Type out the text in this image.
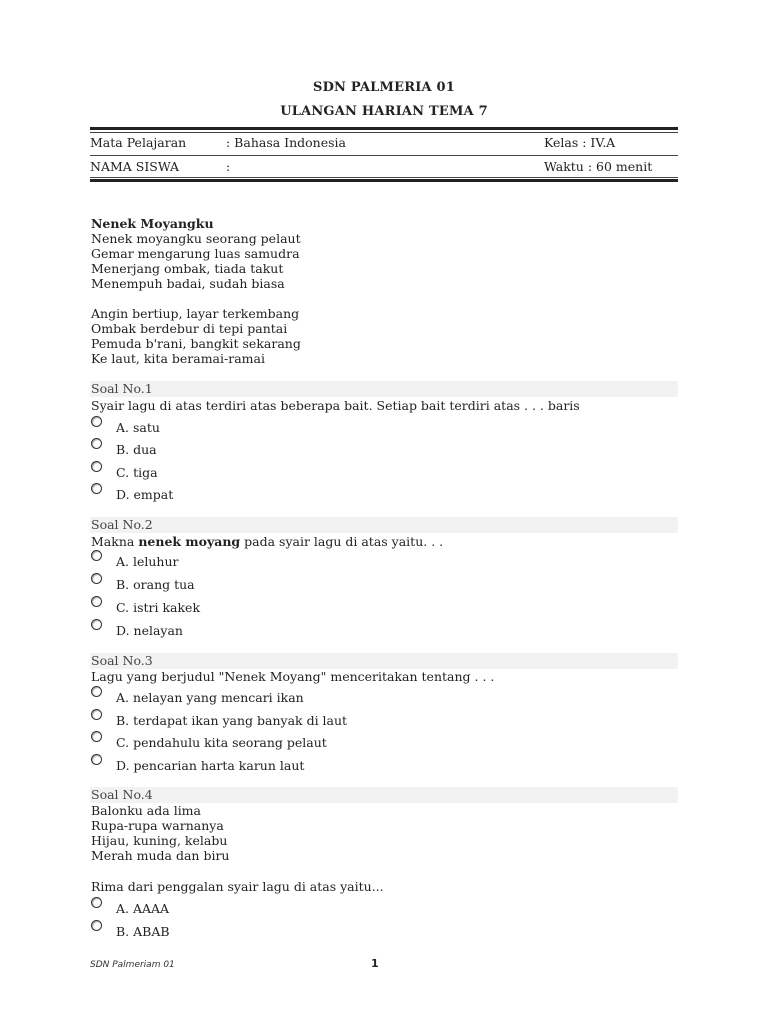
SDN PALMERIA 01
ULANGAN HARIAN TEMA 7
Mata Pelajaran	: Bahasa Indonesia	Kelas : IV.A
NAMA SISWA	:	Waktu : 60 menit
Nenek Moyangku
Nenek moyangku seorang pelaut
Gemar mengarung luas samudra
Menerjang ombak, tiada takut
Menempuh badai, sudah biasa
Angin bertiup, layar terkembang
Ombak berdebur di tepi pantai
Pemuda b'rani, bangkit sekarang
Ke laut, kita beramai-ramai
Soal No.1
Syair lagu di atas terdiri atas beberapa bait. Setiap bait terdiri atas . . . baris
A. satu
B. dua
C. tiga
D. empat
Soal No.2
Makna nenek moyang pada syair lagu di atas yaitu. . .
A. leluhur
B. orang tua
C. istri kakek
D. nelayan
Soal No.3
Lagu yang berjudul "Nenek Moyang" menceritakan tentang . . .
A. nelayan yang mencari ikan
B. terdapat ikan yang banyak di laut
C. pendahulu kita seorang pelaut
D. pencarian harta karun laut
Soal No.4
Balonku ada lima
Rupa-rupa warnanya
Hijau, kuning, kelabu
Merah muda dan biru
Rima dari penggalan syair lagu di atas yaitu...
A. AAAA
B. ABAB
SDN Palmeriam 01	1
